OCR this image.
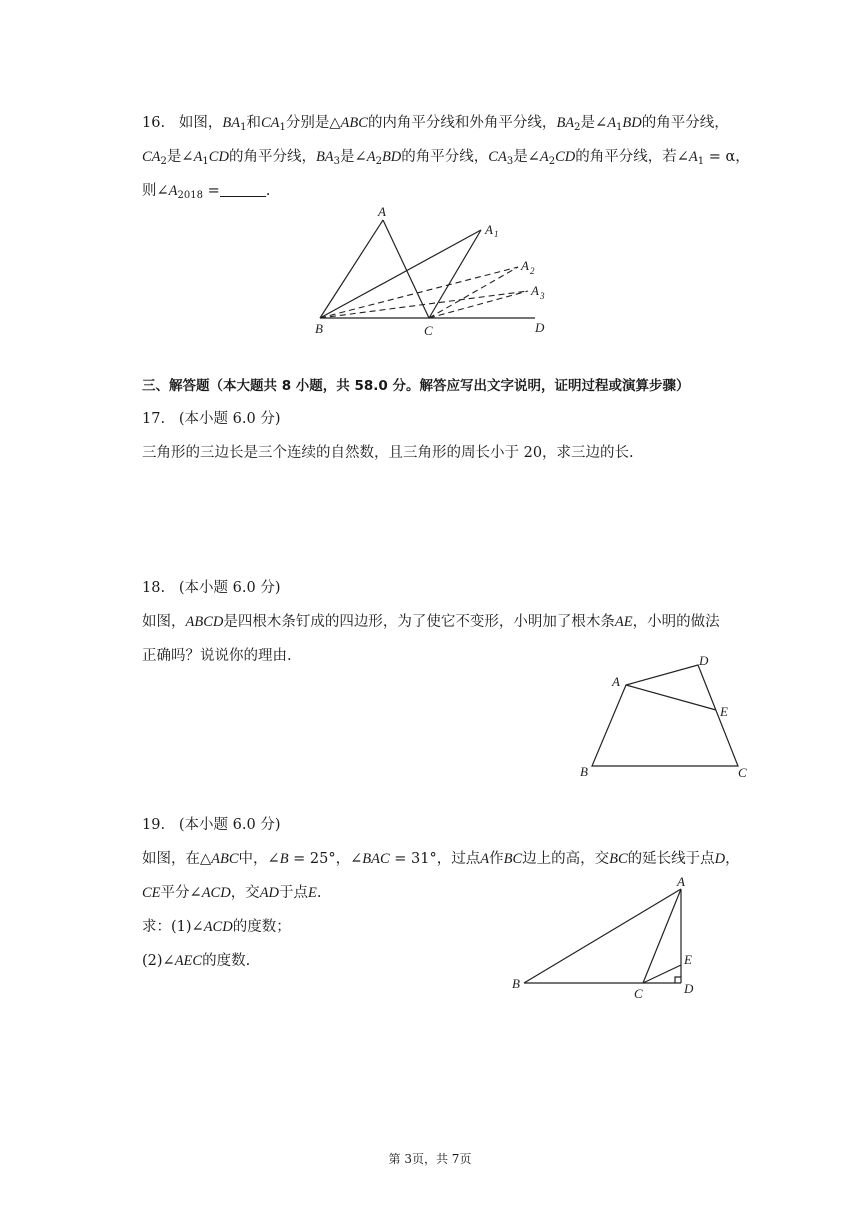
16. 如图，$BA_1$和$CA_1$分别是△ABC的内角平分线和外角平分线，$BA_2$是$\angle A_1BD$的角平分线，
$CA_2$是$\angle A_1CD$的角平分线，$BA_3$是$\angle A_2BD$的角平分线，$CA_3$是$\angle A_2CD$的角平分线，若$\angle A_1 = \alpha$，
则$\angle A_{2018}$ =	.
A
A 1
A 2
A 3
B	C	D
三、解答题（本大题共 8 小题，共 58.0 分。解答应写出文字说明，证明过程或演算步骤）
17. (本小题 6.0 分)
三角形的三边长是三个连续的自然数，且三角形的周长小于 20，求三边的长.
18. (本小题 6.0 分)
如图，ABCD是四根木条钉成的四边形，为了使它不变形，小明加了根木条AE，小明的做法
正确吗？说说你的理由.
A
D
E
B	C
19. (本小题 6.0 分)
如图，在△ABC中，∠B = 25°，∠BAC = 31°，过点A作BC边上的高，交BC的延长线于点D，
CE平分∠ACD，交AD于点E.
求：(1)∠ACD的度数；
(2)∠AEC的度数.
A
E
B
C	D
第 3页，共 7页
